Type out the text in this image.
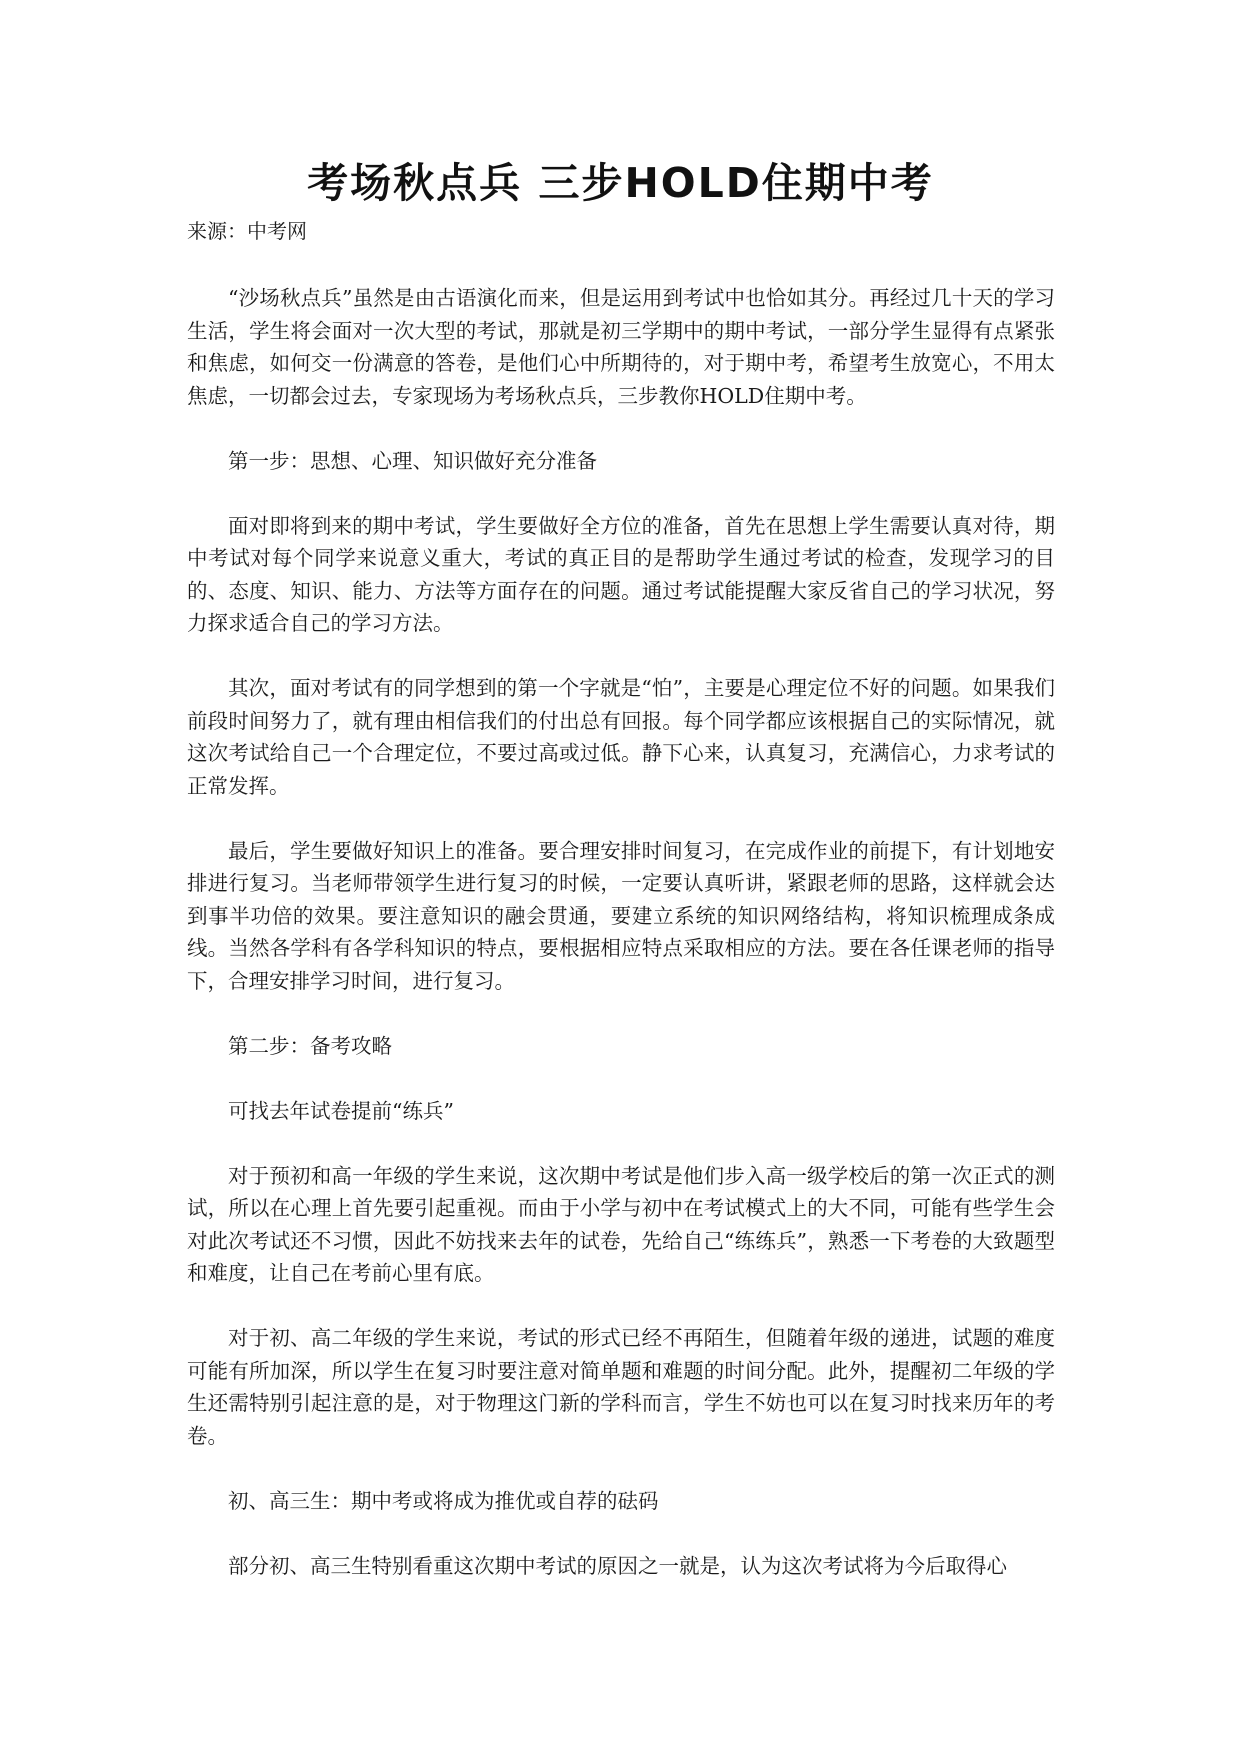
考场秋点兵 三步HOLD住期中考

来源：中考网

“沙场秋点兵”虽然是由古语演化而来，但是运用到考试中也恰如其分。再经过几十天的学习生活，学生将会面对一次大型的考试，那就是初三学期中的期中考试，一部分学生显得有点紧张和焦虑，如何交一份满意的答卷，是他们心中所期待的，对于期中考，希望考生放宽心，不用太焦虑，一切都会过去，专家现场为考场秋点兵，三步教你HOLD住期中考。

第一步：思想、心理、知识做好充分准备

面对即将到来的期中考试，学生要做好全方位的准备，首先在思想上学生需要认真对待，期中考试对每个同学来说意义重大，考试的真正目的是帮助学生通过考试的检查，发现学习的目的、态度、知识、能力、方法等方面存在的问题。通过考试能提醒大家反省自己的学习状况，努力探求适合自己的学习方法。

其次，面对考试有的同学想到的第一个字就是“怕”，主要是心理定位不好的问题。如果我们前段时间努力了，就有理由相信我们的付出总有回报。每个同学都应该根据自己的实际情况，就这次考试给自己一个合理定位，不要过高或过低。静下心来，认真复习，充满信心，力求考试的正常发挥。

最后，学生要做好知识上的准备。要合理安排时间复习，在完成作业的前提下，有计划地安排进行复习。当老师带领学生进行复习的时候，一定要认真听讲，紧跟老师的思路，这样就会达到事半功倍的效果。要注意知识的融会贯通，要建立系统的知识网络结构，将知识梳理成条成线。当然各学科有各学科知识的特点，要根据相应特点采取相应的方法。要在各任课老师的指导下，合理安排学习时间，进行复习。

第二步：备考攻略

可找去年试卷提前“练兵”

对于预初和高一年级的学生来说，这次期中考试是他们步入高一级学校后的第一次正式的测试，所以在心理上首先要引起重视。而由于小学与初中在考试模式上的大不同，可能有些学生会对此次考试还不习惯，因此不妨找来去年的试卷，先给自己“练练兵”，熟悉一下考卷的大致题型和难度，让自己在考前心里有底。

对于初、高二年级的学生来说，考试的形式已经不再陌生，但随着年级的递进，试题的难度可能有所加深，所以学生在复习时要注意对简单题和难题的时间分配。此外，提醒初二年级的学生还需特别引起注意的是，对于物理这门新的学科而言，学生不妨也可以在复习时找来历年的考卷。

初、高三生：期中考或将成为推优或自荐的砝码

部分初、高三生特别看重这次期中考试的原因之一就是，认为这次考试将为今后取得心
